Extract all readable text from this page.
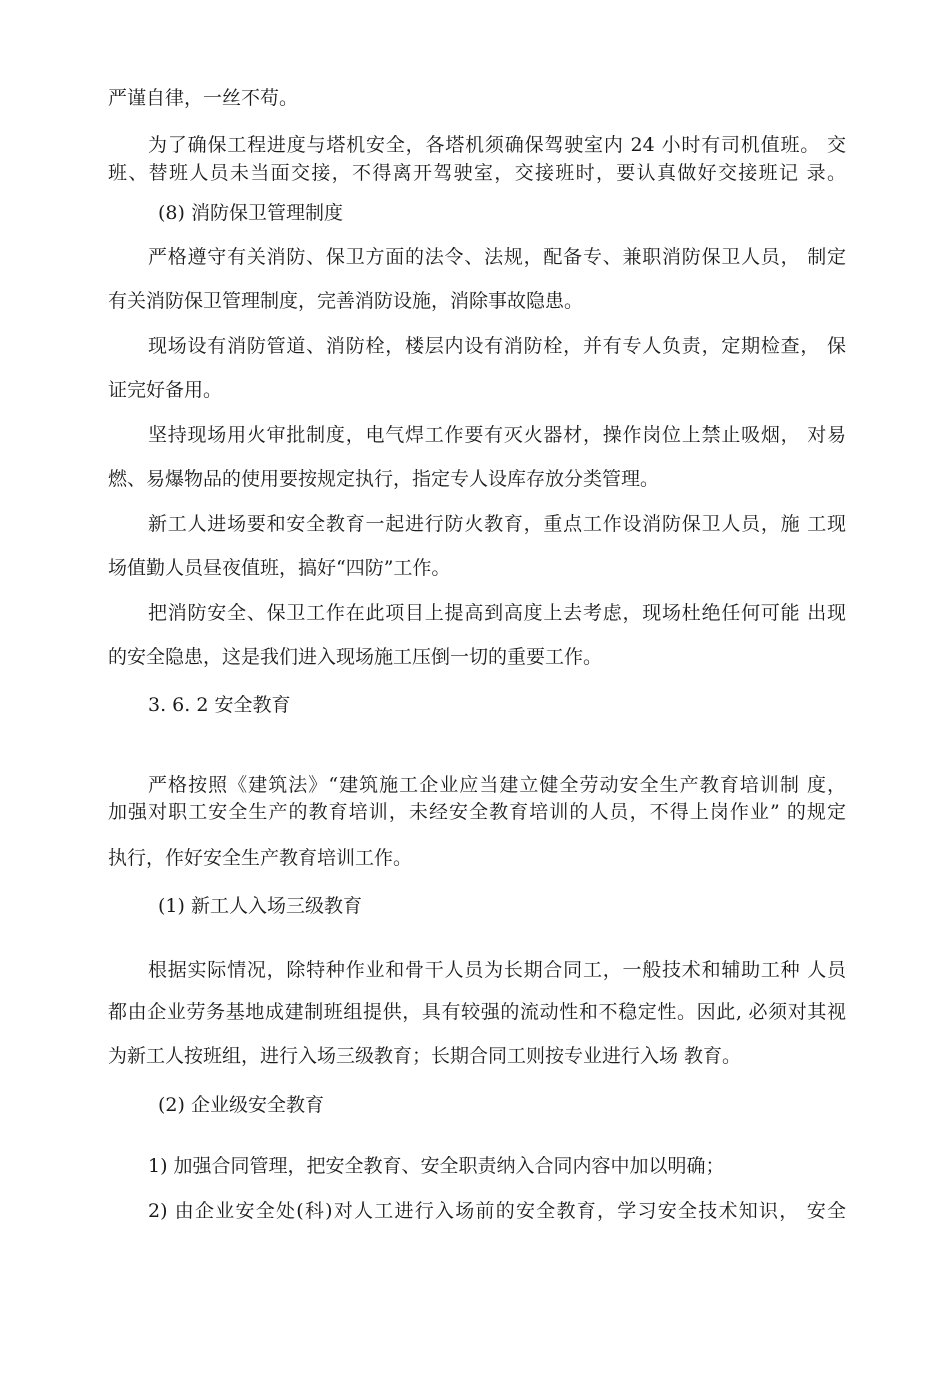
严谨自律，一丝不苟。

为了确保工程进度与塔机安全，各塔机须确保驾驶室内 24 小时有司机值班。 交

班、替班人员未当面交接，不得离开驾驶室，交接班时，要认真做好交接班记 录。

(8) 消防保卫管理制度

严格遵守有关消防、保卫方面的法令、法规，配备专、兼职消防保卫人员， 制定

有关消防保卫管理制度，完善消防设施，消除事故隐患。

现场设有消防管道、消防栓，楼层内设有消防栓，并有专人负责，定期检查， 保

证完好备用。

坚持现场用火审批制度，电气焊工作要有灭火器材，操作岗位上禁止吸烟， 对易

燃、易爆物品的使用要按规定执行，指定专人设库存放分类管理。

新工人进场要和安全教育一起进行防火教育，重点工作设消防保卫人员，施 工现

场值勤人员昼夜值班，搞好“四防”工作。

把消防安全、保卫工作在此项目上提高到高度上去考虑，现场杜绝任何可能 出现

的安全隐患，这是我们进入现场施工压倒一切的重要工作。

3. 6. 2 安全教育

严格按照《建筑法》“建筑施工企业应当建立健全劳动安全生产教育培训制 度，

加强对职工安全生产的教育培训，未经安全教育培训的人员，不得上岗作业” 的规定

执行，作好安全生产教育培训工作。

(1) 新工人入场三级教育

根据实际情况，除特种作业和骨干人员为长期合同工，一般技术和辅助工种 人员

都由企业劳务基地成建制班组提供，具有较强的流动性和不稳定性。因此, 必须对其视

为新工人按班组，进行入场三级教育；长期合同工则按专业进行入场 教育。

(2) 企业级安全教育

1) 加强合同管理，把安全教育、安全职责纳入合同内容中加以明确；

2) 由企业安全处(科)对人工进行入场前的安全教育，学习安全技术知识， 安全
